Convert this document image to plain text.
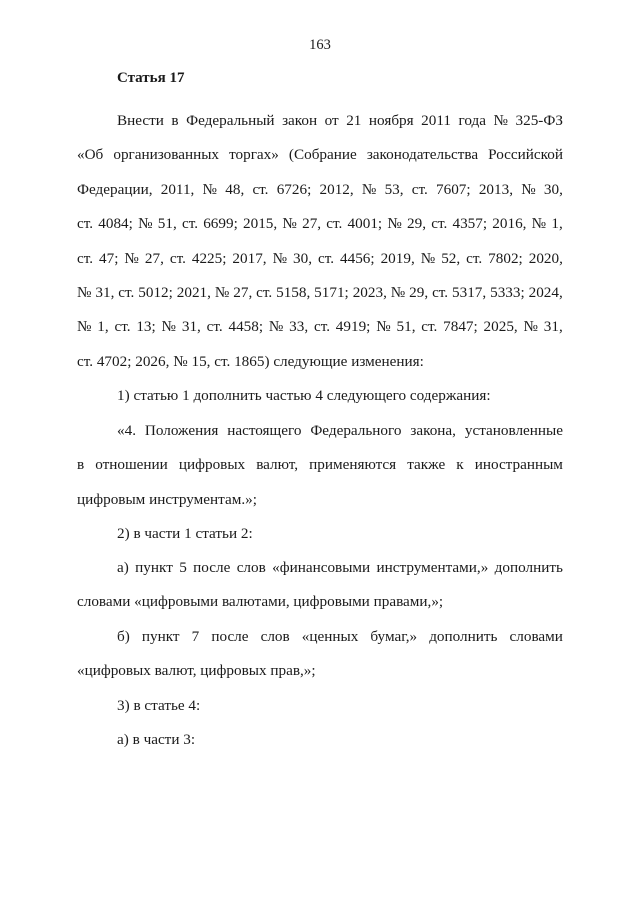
163
Статья 17
Внести в Федеральный закон от 21 ноября 2011 года № 325-ФЗ
«Об организованных торгах» (Собрание законодательства Российской
Федерации, 2011, № 48, ст. 6726; 2012, № 53, ст. 7607; 2013, № 30,
ст. 4084; № 51, ст. 6699; 2015, № 27, ст. 4001; № 29, ст. 4357; 2016, № 1,
ст. 47; № 27, ст. 4225; 2017, № 30, ст. 4456; 2019, № 52, ст. 7802; 2020,
№ 31, ст. 5012; 2021, № 27, ст. 5158, 5171; 2023, № 29, ст. 5317, 5333; 2024,
№ 1, ст. 13; № 31, ст. 4458; № 33, ст. 4919; № 51, ст. 7847; 2025, № 31,
ст. 4702; 2026, № 15, ст. 1865) следующие изменения:
1) статью 1 дополнить частью 4 следующего содержания:
«4. Положения настоящего Федерального закона, установленные
в отношении цифровых валют, применяются также к иностранным
цифровым инструментам.»;
2) в части 1 статьи 2:
а) пункт 5 после слов «финансовыми инструментами,» дополнить
словами «цифровыми валютами, цифровыми правами,»;
б) пункт 7 после слов «ценных бумаг,» дополнить словами
«цифровых валют, цифровых прав,»;
3) в статье 4:
а) в части 3:
